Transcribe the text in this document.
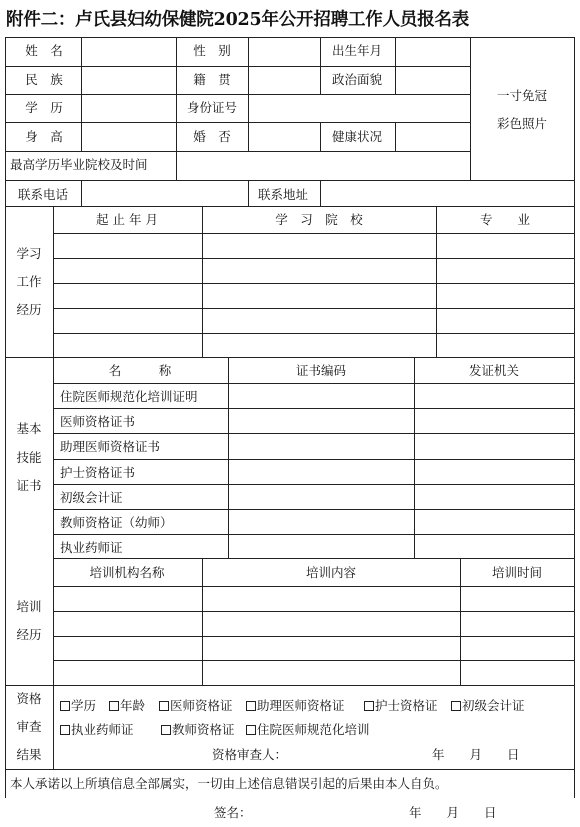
附件二：卢氏县妇幼保健院2025年公开招聘工作人员报名表
姓　名	性　别	出生年月
民　族	籍　贯	政治面貌
学　历	身份证号
身　高	婚　否	健康状况
一寸免冠
彩色照片
最高学历毕业院校及时间
联系电话	联系地址
学习
工作
经历
起 止 年 月	学　习　院　校	专　　业
基本
技能
证书
名　　　称	证书编码	发证机关
住院医师规范化培训证明
医师资格证书
助理医师资格证书
护士资格证书
初级会计证
教师资格证（幼师）
执业药师证
培训
经历
培训机构名称	培训内容	培训时间
资格
审查
结果
学历	年龄	医师资格证	助理医师资格证	护士资格证	初级会计证
执业药师证	教师资格证	住院医师规范化培训
资格审查人：	年　　月　　日
本人承诺以上所填信息全部属实，一切由上述信息错误引起的后果由本人自负。
签名：	年　　月　　日
